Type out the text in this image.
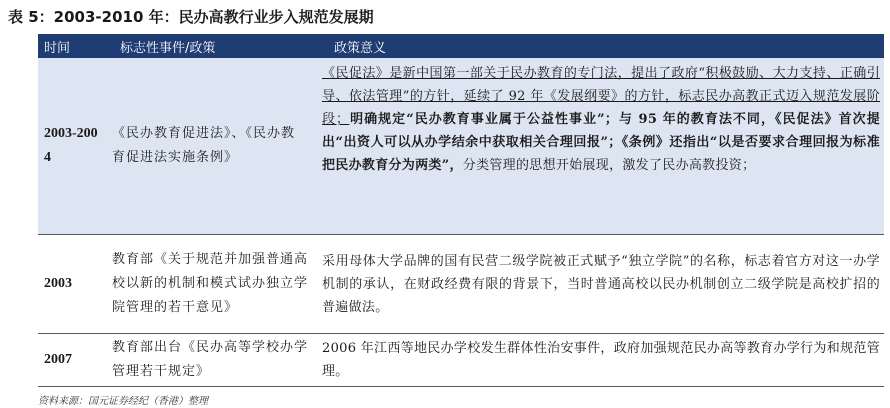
表 5：2003-2010 年：民办高教行业步入规范发展期
时间	标志性事件/政策	政策意义
2003-2004
《民办教育促进法》、《民办教育促进法实施条例》
《民促法》是新中国第一部关于民办教育的专门法，提出了政府“积极鼓励、大力支持、正确引导、依法管理”的方针，延续了 92 年《发展纲要》的方针，标志民办高教正式迈入规范发展阶段；明确规定“民办教育事业属于公益性事业”；与 95 年的教育法不同，《民促法》首次提出“出资人可以从办学结余中获取相关合理回报”；《条例》还指出“以是否要求合理回报为标准把民办教育分为两类”，分类管理的思想开始展现，激发了民办高教投资；
2003
教育部《关于规范并加强普通高校以新的机制和模式试办独立学院管理的若干意见》
采用母体大学品牌的国有民营二级学院被正式赋予“独立学院”的名称，标志着官方对这一办学机制的承认，在财政经费有限的背景下，当时普通高校以民办机制创立二级学院是高校扩招的普遍做法。
2007
教育部出台《民办高等学校办学管理若干规定》
2006 年江西等地民办学校发生群体性治安事件，政府加强规范民办高等教育办学行为和规范管理。
资料来源：国元证券经纪（香港）整理
